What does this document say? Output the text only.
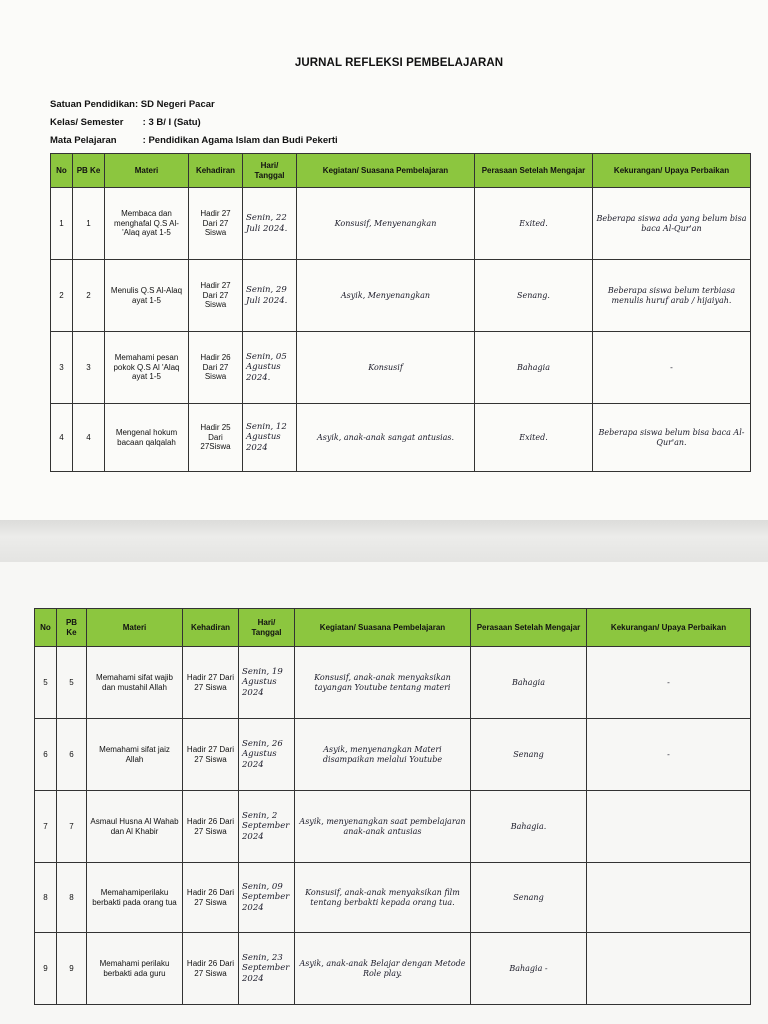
JURNAL REFLEKSI PEMBELAJARAN
Satuan Pendidikan: SD Negeri Pacar
Kelas/ Semester : 3 B/ I (Satu)
Mata Pelajaran	: Pendidikan Agama Islam dan Budi Pekerti
No	PB Ke	Materi	Kehadiran	Hari/ Tanggal	Kegiatan/ Suasana Pembelajaran	Perasaan Setelah Mengajar	Kekurangan/ Upaya Perbaikan
1	1	Membaca dan menghafal Q.S Al-'Alaq ayat 1-5	Hadir 27 Dari 27 Siswa	Senin, 22 Juli 2024.	Konsusif, Menyenangkan	Exited.	Beberapa siswa ada yang belum bisa baca Al-Qur'an
2	2	Menulis Q.S Al-Alaq ayat 1-5	Hadir 27 Dari 27 Siswa	Senin, 29 Juli 2024.	Asyik, Menyenangkan	Senang.	Beberapa siswa belum terbiasa menulis huruf arab / hijaiyah.
3	3	Memahami pesan pokok Q.S Al 'Alaq ayat 1-5	Hadir 26 Dari 27 Siswa	Senin, 05 Agustus 2024.	Konsusif	Bahagia	-
4	4	Mengenal hokum bacaan qalqalah	Hadir 25 Dari 27Siswa	Senin, 12 Agustus 2024	Asyik, anak-anak sangat antusias.	Exited.	Beberapa siswa belum bisa baca Al-Qur'an.
No	PB Ke	Materi	Kehadiran	Hari/ Tanggal	Kegiatan/ Suasana Pembelajaran	Perasaan Setelah Mengajar	Kekurangan/ Upaya Perbaikan
5	5	Memahami sifat wajib dan mustahil Allah	Hadir 27 Dari 27 Siswa	Senin, 19 Agustus 2024	Konsusif, anak-anak menyaksikan tayangan Youtube tentang materi	Bahagia	-
6	6	Memahami sifat jaiz Allah	Hadir 27 Dari 27 Siswa	Senin, 26 Agustus 2024	Asyik, menyenangkan Materi disampaikan melalui Youtube	Senang	-
7	7	Asmaul Husna Al Wahab dan Al Khabir	Hadir 26 Dari 27 Siswa	Senin, 2 September 2024	Asyik, menyenangkan saat pembelajaran anak-anak antusias	Bahagia.	
8	8	Memahamiperilaku berbakti pada orang tua	Hadir 26 Dari 27 Siswa	Senin, 09 September 2024	Konsusif, anak-anak menyaksikan film tentang berbakti kepada orang tua.	Senang	
9	9	Memahami perilaku berbakti ada guru	Hadir 26 Dari 27 Siswa	Senin, 23 September 2024	Asyik, anak-anak Belajar dengan Metode Role play.	Bahagia -	
